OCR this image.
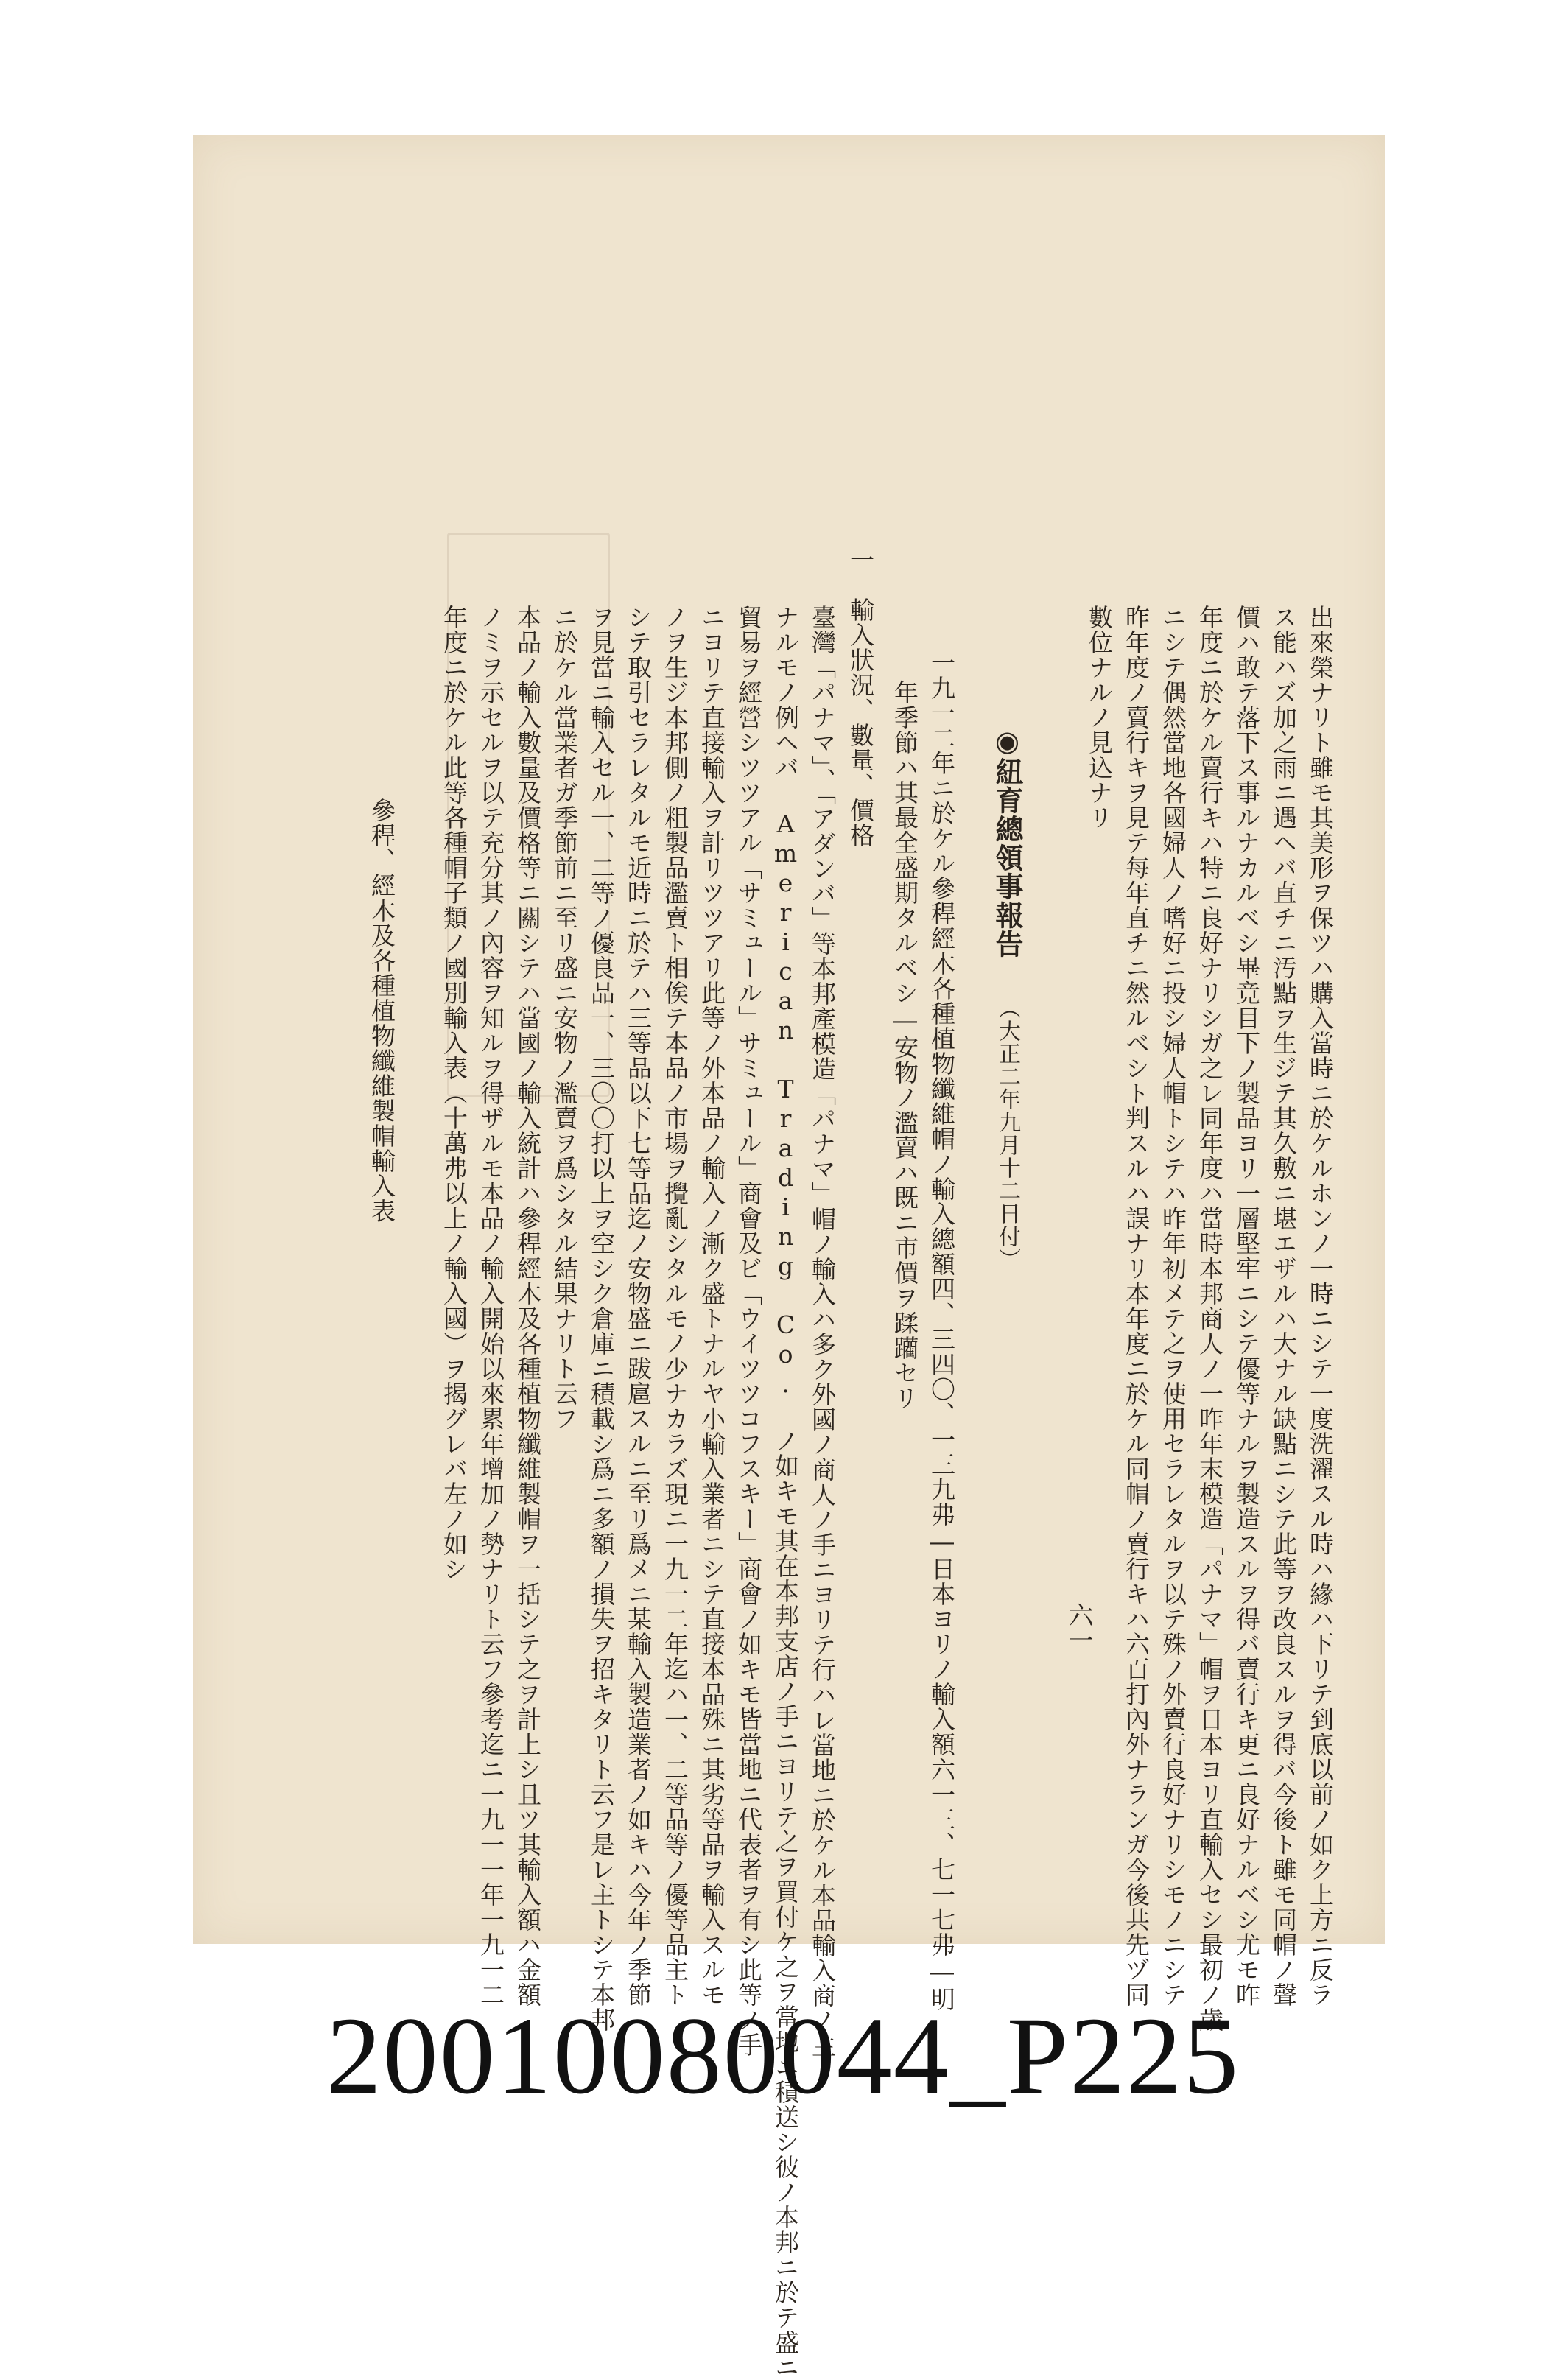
出來榮ナリト雖モ其美形ヲ保ツハ購入當時ニ於ケルホンノ一時ニシテ一度洗濯スル時ハ緣ハ下リテ到底以前ノ如ク上方ニ反ラ
ス能ハズ加之雨ニ遇ヘバ直チニ汚點ヲ生ジテ其久敷ニ堪エザルハ大ナル缺點ニシテ此等ヲ改良スルヲ得バ今後ト雖モ同帽ノ聲
價ハ敢テ落下ス事ルナカルベシ畢竟目下ノ製品ヨリ一層堅牢ニシテ優等ナルヲ製造スルヲ得バ賣行キ更ニ良好ナルベシ尤モ昨
年度ニ於ケル賣行キハ特ニ良好ナリシガ之レ同年度ハ當時本邦商人ノ一昨年末模造「パナマ」帽ヲ日本ヨリ直輸入セシ最初ノ歳
ニシテ偶然當地各國婦人ノ嗜好ニ投シ婦人帽トシテハ昨年初メテ之ヲ使用セラレタルヲ以テ殊ノ外賣行良好ナリシモノニシテ
昨年度ノ賣行キヲ見テ每年直チニ然ルベシト判スルハ誤ナリ本年度ニ於ケル同帽ノ賣行キハ六百打內外ナランガ今後共先ヅ同
數位ナルノ見込ナリ
◉
紐育總領事報告
（大正二年九月十二日付）
一九一二年ニ於ケル參稈經木各種植物纖維帽ノ輸入總額四、三四〇、一三九弗―日本ヨリノ輸入額六一三、七一七弗―明
年季節ハ其最全盛期タルベシ―安物ノ濫賣ハ既ニ市價ヲ蹂躪セリ
一　輸入狀況、數量、價格
臺灣「パナマ」、「アダンバ」等本邦產模造「パナマ」帽ノ輸入ハ多ク外國ノ商人ノ手ニヨリテ行ハレ當地ニ於ケル本品輸入商ノ主
ナルモノ例ヘバ American Trading Co. ノ如キモ其在本邦支店ノ手ニヨリテ之ヲ買付ケ之ヲ當地ニ積送シ彼ノ本邦ニ於テ盛ニ
貿易ヲ經營シツツアル「サミュール」サミュール」商會及ビ「ウイツツコフスキー」商會ノ如キモ皆當地ニ代表者ヲ有シ此等ノ手
ニヨリテ直接輸入ヲ計リツツアリ此等ノ外本品ノ輸入ノ漸ク盛トナルヤ小輸入業者ニシテ直接本品殊ニ其劣等品ヲ輸入スルモ
ノヲ生ジ本邦側ノ粗製品濫賣ト相俟テ本品ノ市場ヲ攪亂シタルモノ少ナカラズ現ニ一九一二年迄ハ一、二等品等ノ優等品主ト
シテ取引セラレタルモ近時ニ於テハ三等品以下七等品迄ノ安物盛ニ跋扈スルニ至リ爲メニ某輸入製造業者ノ如キハ今年ノ季節
ヲ見當ニ輸入セル一、二等ノ優良品一、三〇〇打以上ヲ空シク倉庫ニ積載シ爲ニ多額ノ損失ヲ招キタリト云フ是レ主トシテ本邦
ニ於ケル當業者ガ季節前ニ至リ盛ニ安物ノ濫賣ヲ爲シタル結果ナリト云フ
本品ノ輸入數量及價格等ニ關シテハ當國ノ輸入統計ハ參稈經木及各種植物纖維製帽ヲ一括シテ之ヲ計上シ且ツ其輸入額ハ金額
ノミヲ示セルヲ以テ充分其ノ內容ヲ知ルヲ得ザルモ本品ノ輸入開始以來累年增加ノ勢ナリト云フ參考迄ニ一九一一年一九一二
年度ニ於ケル此等各種帽子類ノ國別輸入表（十萬弗以上ノ輸入國）ヲ揭グレバ左ノ如シ
參稈、經木及各種植物纖維製帽輸入表
六一
20010080044_P225
